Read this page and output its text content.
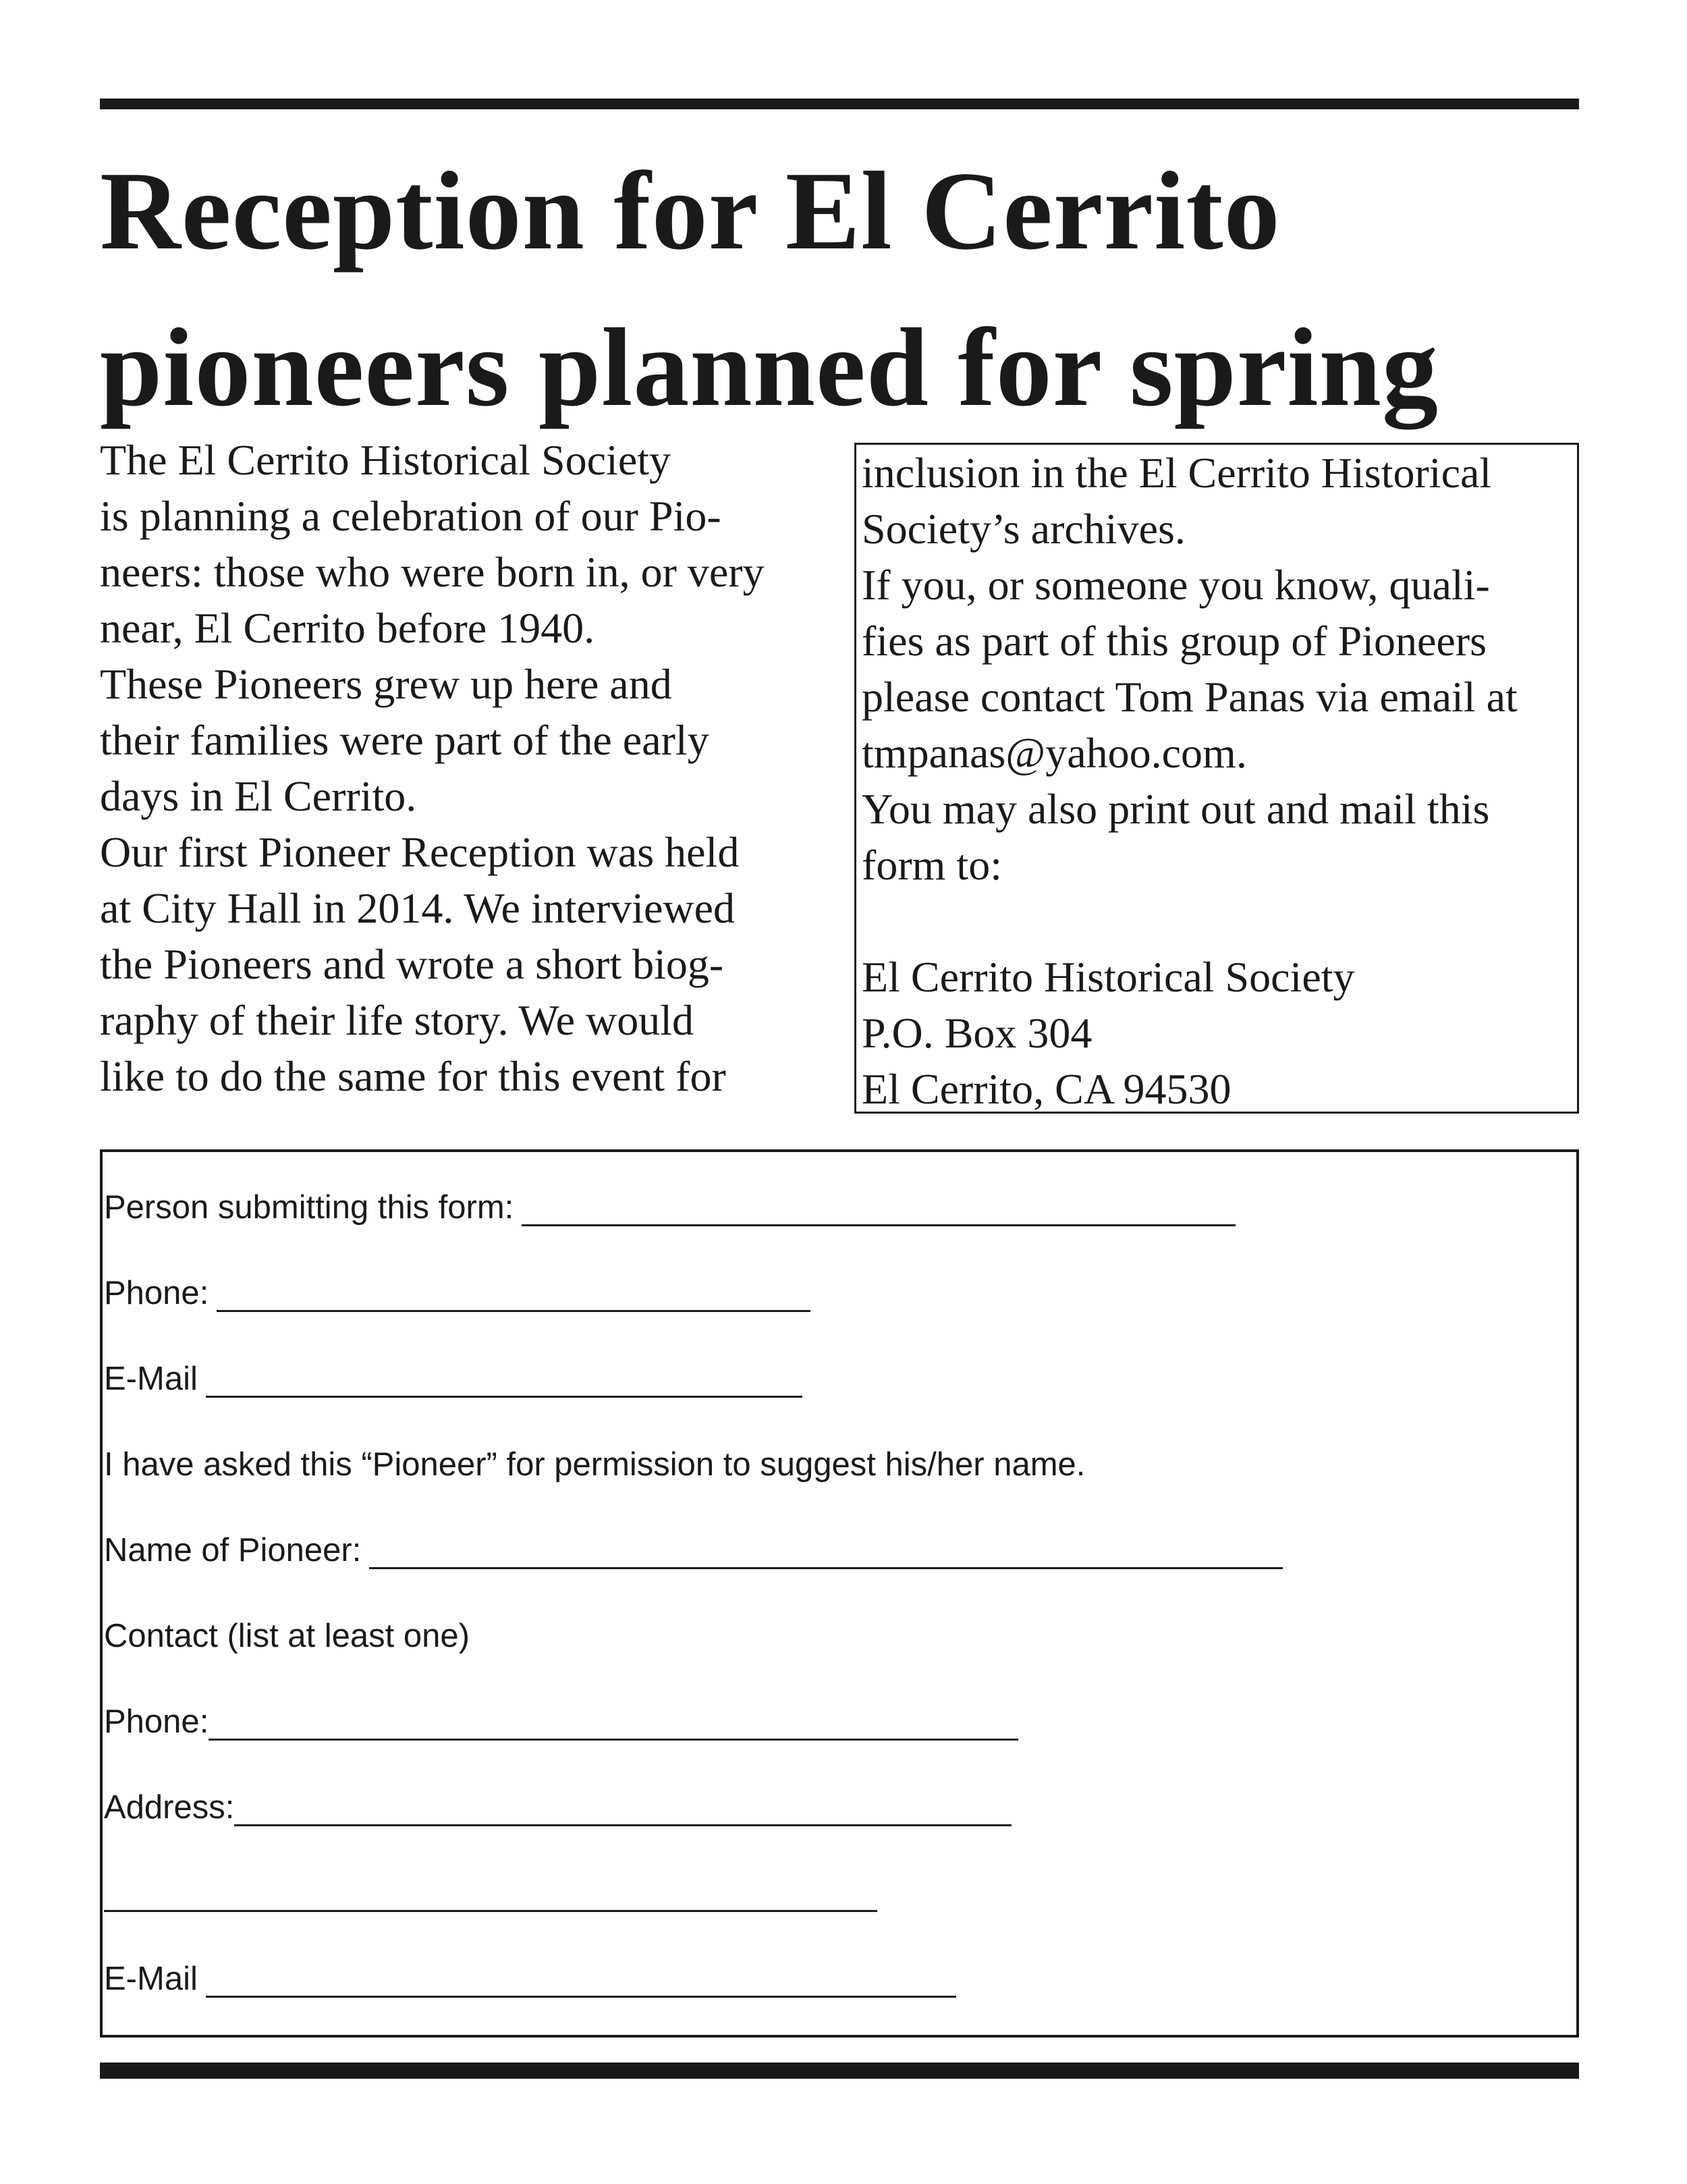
Reception for El Cerrito
pioneers planned for spring
The El Cerrito Historical Society
is planning a celebration of our Pio-
neers: those who were born in, or very
near, El Cerrito before 1940.
These Pioneers grew up here and
their families were part of the early
days in El Cerrito.
Our first Pioneer Reception was held
at City Hall in 2014. We interviewed
the Pioneers and wrote a short biog-
raphy of their life story. We would
like to do the same for this event for
inclusion in the El Cerrito Historical
Society’s archives.
If you, or someone you know, quali-
fies as part of this group of Pioneers
please contact Tom Panas via email at
tmpanas@yahoo.com.
You may also print out and mail this
form to:
El Cerrito Historical Society
P.O. Box 304
El Cerrito, CA 94530
Person submitting this form:
Phone:
E-Mail
I have asked this “Pioneer” for permission to suggest his/her name.
Name of Pioneer:
Contact (list at least one)
Phone:
Address:
E-Mail
